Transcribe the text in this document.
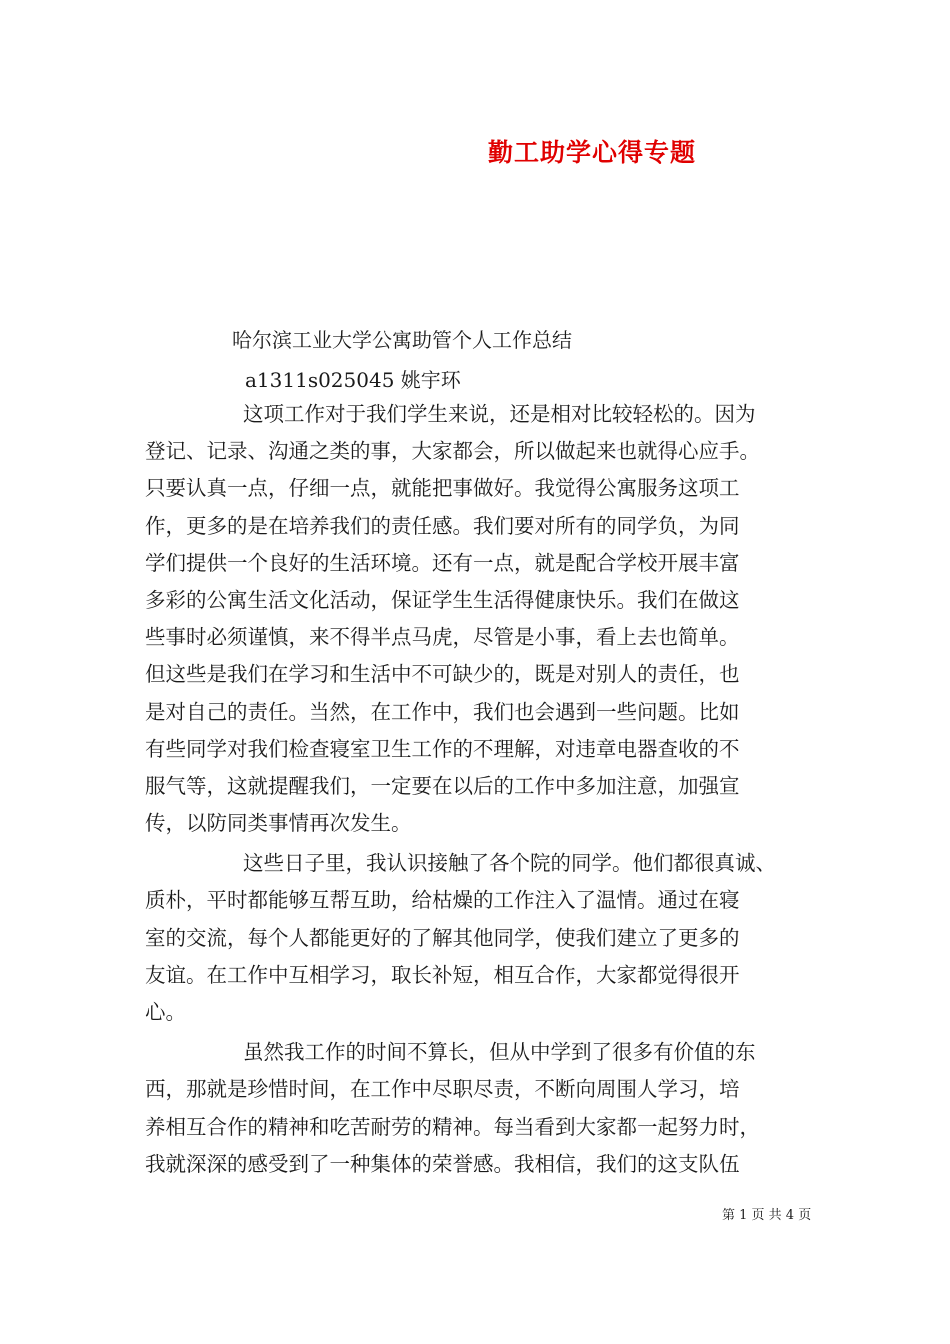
勤工助学心得专题
哈尔滨工业大学公寓助管个人工作总结
a1311s025045 姚宇环
这项工作对于我们学生来说，还是相对比较轻松的。因为
登记、记录、沟通之类的事，大家都会，所以做起来也就得心应手。
只要认真一点，仔细一点，就能把事做好。我觉得公寓服务这项工
作，更多的是在培养我们的责任感。我们要对所有的同学负，为同
学们提供一个良好的生活环境。还有一点，就是配合学校开展丰富
多彩的公寓生活文化活动，保证学生生活得健康快乐。我们在做这
些事时必须谨慎，来不得半点马虎，尽管是小事，看上去也简单。
但这些是我们在学习和生活中不可缺少的，既是对别人的责任，也
是对自己的责任。当然，在工作中，我们也会遇到一些问题。比如
有些同学对我们检查寝室卫生工作的不理解，对违章电器查收的不
服气等，这就提醒我们，一定要在以后的工作中多加注意，加强宣
传，以防同类事情再次发生。
这些日子里，我认识接触了各个院的同学。他们都很真诚、
质朴，平时都能够互帮互助，给枯燥的工作注入了温情。通过在寝
室的交流，每个人都能更好的了解其他同学，使我们建立了更多的
友谊。在工作中互相学习，取长补短，相互合作，大家都觉得很开
心。
虽然我工作的时间不算长，但从中学到了很多有价值的东
西，那就是珍惜时间，在工作中尽职尽责，不断向周围人学习，培
养相互合作的精神和吃苦耐劳的精神。每当看到大家都一起努力时，
我就深深的感受到了一种集体的荣誉感。我相信，我们的这支队伍
第 1 页 共 4 页
